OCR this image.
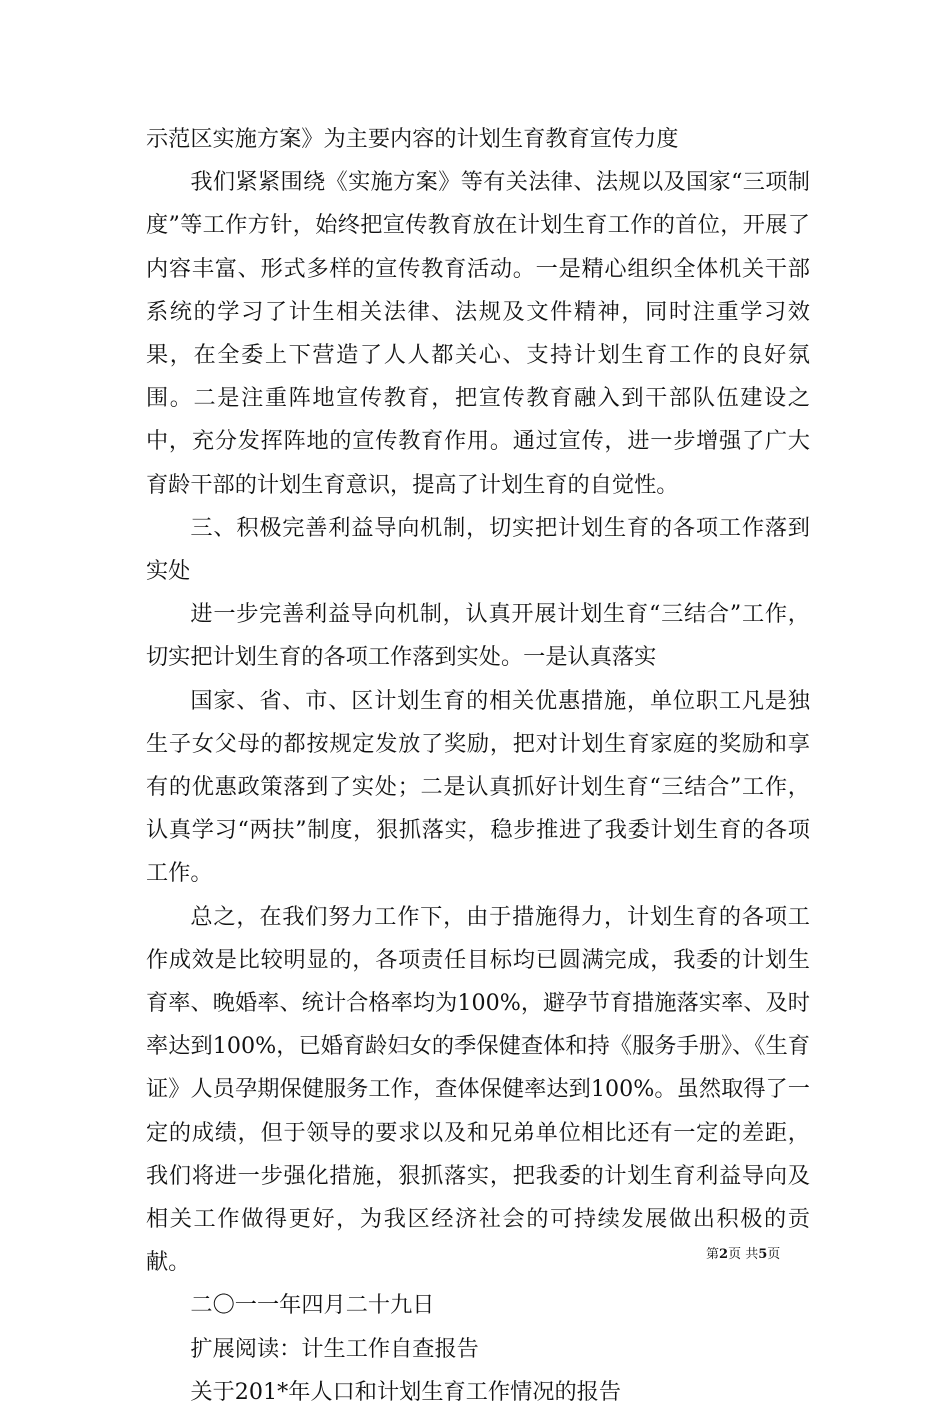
示范区实施方案》为主要内容的计划生育教育宣传力度

我们紧紧围绕《实施方案》等有关法律、法规以及国家“三项制度”等工作方针，始终把宣传教育放在计划生育工作的首位，开展了内容丰富、形式多样的宣传教育活动。一是精心组织全体机关干部系统的学习了计生相关法律、法规及文件精神，同时注重学习效果，在全委上下营造了人人都关心、支持计划生育工作的良好氛围。二是注重阵地宣传教育，把宣传教育融入到干部队伍建设之中，充分发挥阵地的宣传教育作用。通过宣传，进一步增强了广大育龄干部的计划生育意识，提高了计划生育的自觉性。

三、积极完善利益导向机制，切实把计划生育的各项工作落到实处

进一步完善利益导向机制，认真开展计划生育“三结合”工作，切实把计划生育的各项工作落到实处。一是认真落实

国家、省、市、区计划生育的相关优惠措施，单位职工凡是独生子女父母的都按规定发放了奖励，把对计划生育家庭的奖励和享有的优惠政策落到了实处；二是认真抓好计划生育“三结合”工作，认真学习“两扶”制度，狠抓落实，稳步推进了我委计划生育的各项工作。

总之，在我们努力工作下，由于措施得力，计划生育的各项工作成效是比较明显的，各项责任目标均已圆满完成，我委的计划生育率、晚婚率、统计合格率均为100%，避孕节育措施落实率、及时率达到100%，已婚育龄妇女的季保健查体和持《服务手册》、《生育证》人员孕期保健服务工作，查体保健率达到100%。虽然取得了一定的成绩，但于领导的要求以及和兄弟单位相比还有一定的差距，我们将进一步强化措施，狠抓落实，把我委的计划生育利益导向及相关工作做得更好，为我区经济社会的可持续发展做出积极的贡献。

二〇一一年四月二十九日

扩展阅读：计生工作自查报告

关于201*年人口和计划生育工作情况的报告

第2页 共5页
